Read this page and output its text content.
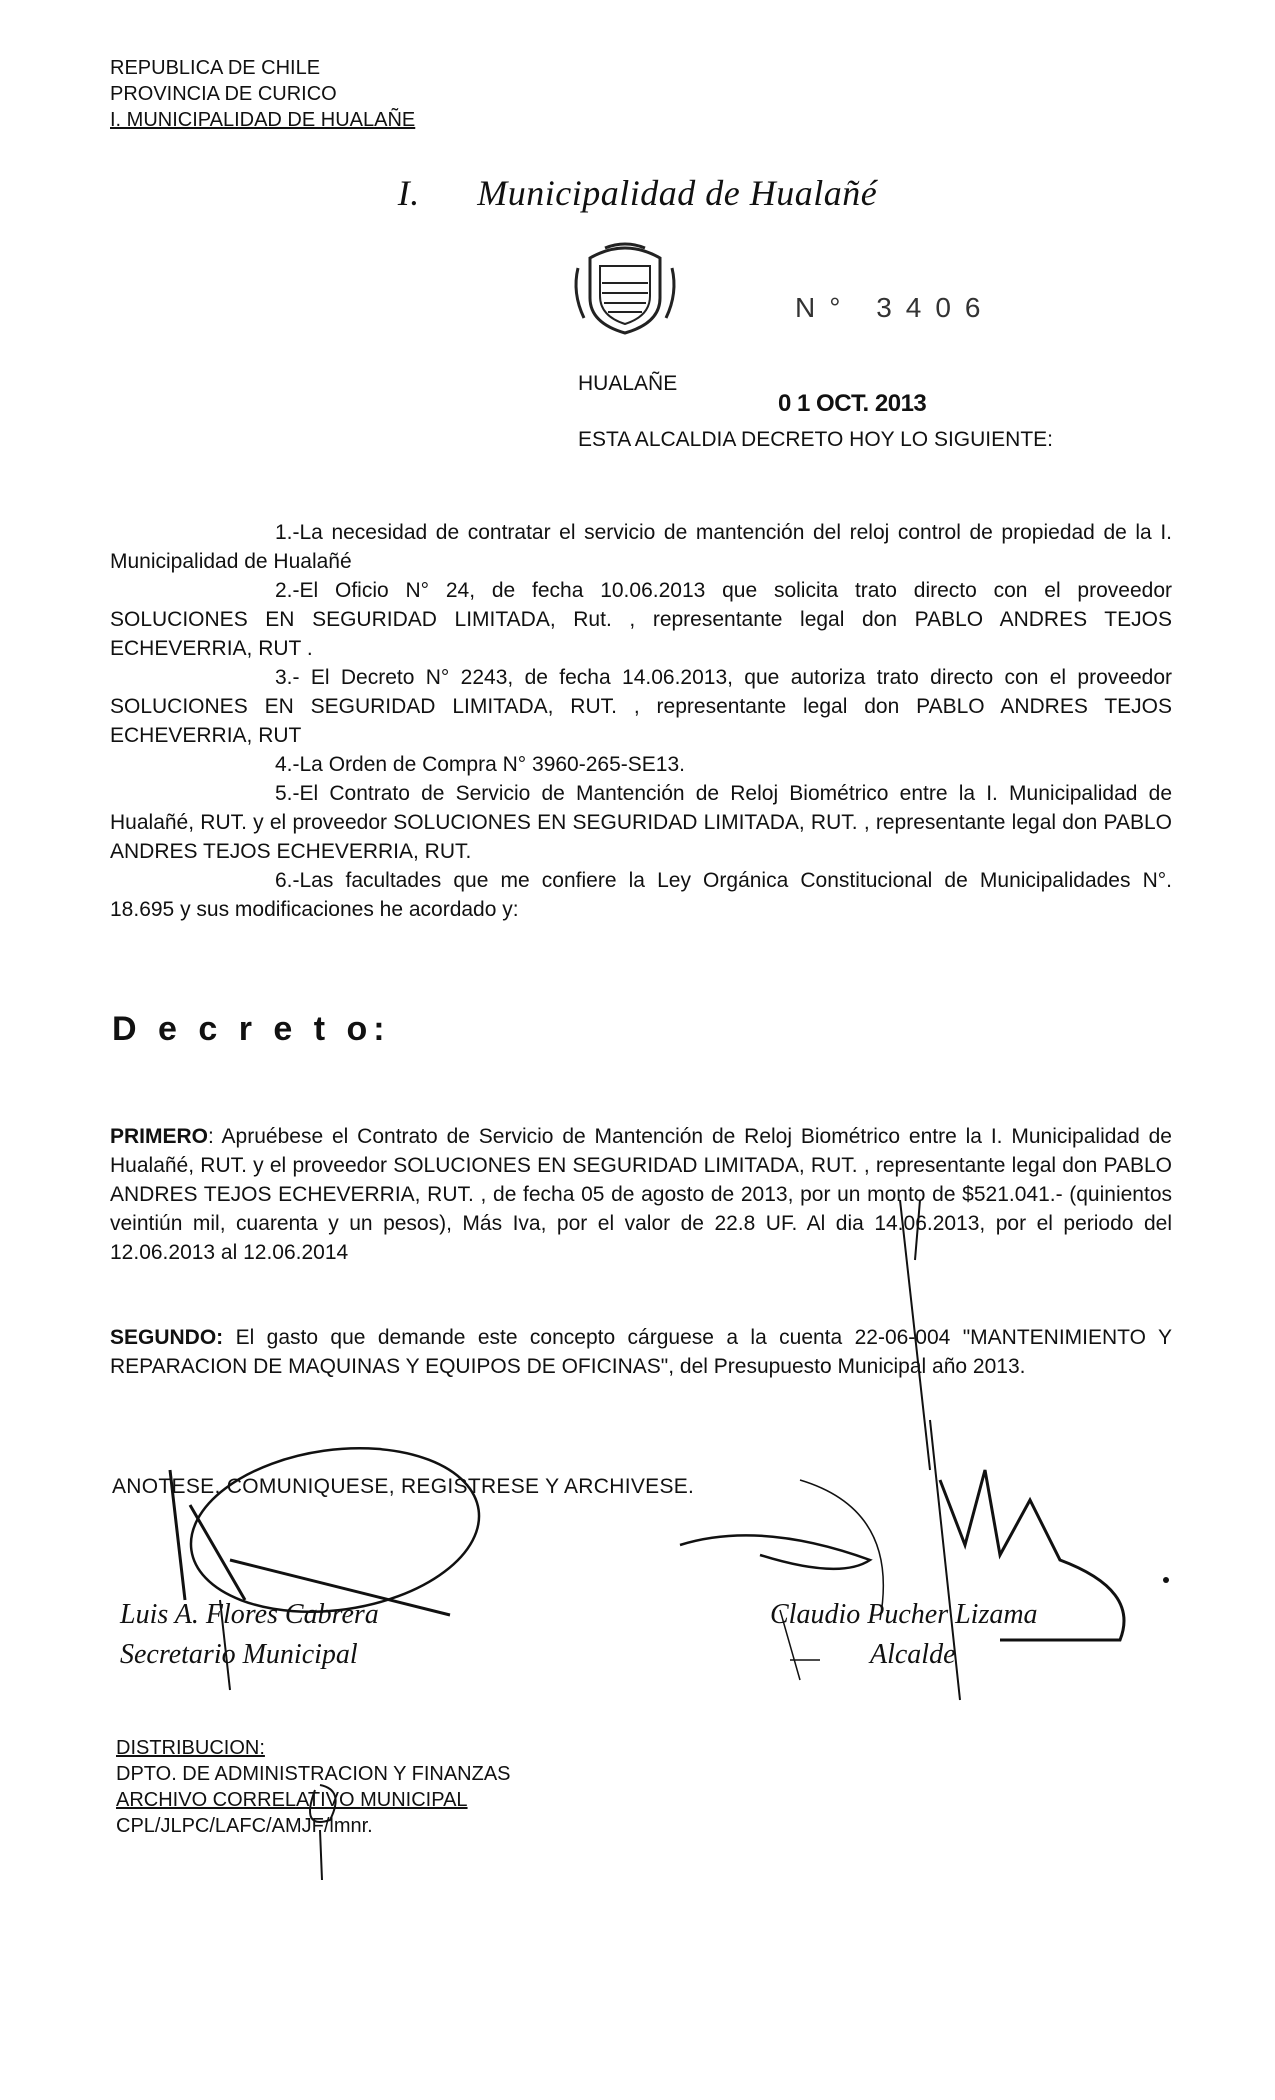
REPUBLICA DE CHILE
PROVINCIA DE CURICO
I. MUNICIPALIDAD DE HUALAÑE
I. Municipalidad de Hualañé
N° 3406
HUALAÑE
0 1 OCT. 2013
ESTA ALCALDIA DECRETO HOY LO SIGUIENTE:

1.-La necesidad de contratar el servicio de mantención del reloj control de propiedad de la I. Municipalidad de Hualañé

2.-El Oficio N° 24, de fecha 10.06.2013 que solicita trato directo con el proveedor SOLUCIONES EN SEGURIDAD LIMITADA, Rut. , representante legal don PABLO ANDRES TEJOS ECHEVERRIA, RUT .

3.- El Decreto N° 2243, de fecha 14.06.2013, que autoriza trato directo con el proveedor SOLUCIONES EN SEGURIDAD LIMITADA, RUT. , representante legal don PABLO ANDRES TEJOS ECHEVERRIA, RUT

4.-La Orden de Compra N° 3960-265-SE13.

5.-El Contrato de Servicio de Mantención de Reloj Biométrico entre la I. Municipalidad de Hualañé, RUT. y el proveedor SOLUCIONES EN SEGURIDAD LIMITADA, RUT. , representante legal don PABLO ANDRES TEJOS ECHEVERRIA, RUT.

6.-Las facultades que me confiere la Ley Orgánica Constitucional de Municipalidades N°. 18.695 y sus modificaciones he acordado y:

D e c r e t o:

PRIMERO: Apruébese el Contrato de Servicio de Mantención de Reloj Biométrico entre la I. Municipalidad de Hualañé, RUT. y el proveedor SOLUCIONES EN SEGURIDAD LIMITADA, RUT. , representante legal don PABLO ANDRES TEJOS ECHEVERRIA, RUT. , de fecha 05 de agosto de 2013, por un monto de $521.041.- (quinientos veintiún mil, cuarenta y un pesos), Más Iva, por el valor de 22.8 UF. Al dia 14.06.2013, por el periodo del 12.06.2013 al 12.06.2014

SEGUNDO: El gasto que demande este concepto cárguese a la cuenta 22-06-004 "MANTENIMIENTO Y REPARACION DE MAQUINAS Y EQUIPOS DE OFICINAS", del Presupuesto Municipal año 2013.

ANOTESE, COMUNIQUESE, REGISTRESE Y ARCHIVESE.
Luis A. Flores Cabrera
Secretario Municipal
Claudio Pucher Lizama
Alcalde
DISTRIBUCION:
DPTO. DE ADMINISTRACION Y FINANZAS
ARCHIVO CORRELATIVO MUNICIPAL
CPL/JLPC/LAFC/AMJF/lmnr.
